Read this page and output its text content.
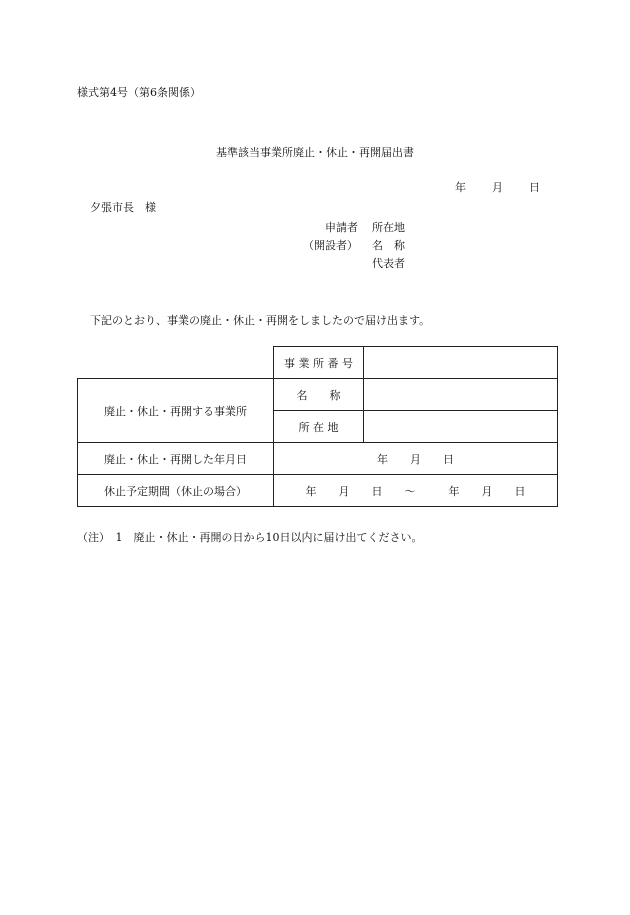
様式第4号（第6条関係）
基準該当事業所廃止・休止・再開届出書
年 月 日
夕張市長　様
申請者
（開設者）
所在地
名　称
代表者
下記のとおり、事業の廃止・休止・再開をしましたので届け出ます。
	事 業 所 番 号	
廃止・休止・再開する事業所	名　　称	
	所 在 地	
廃止・休止・再開した年月日	年　　月　　日	
休止予定期間（休止の場合）	年　　月　　日　　～　　　年　　月　　日	
（注）　1　廃止・休止・再開の日から10日以内に届け出てください。
